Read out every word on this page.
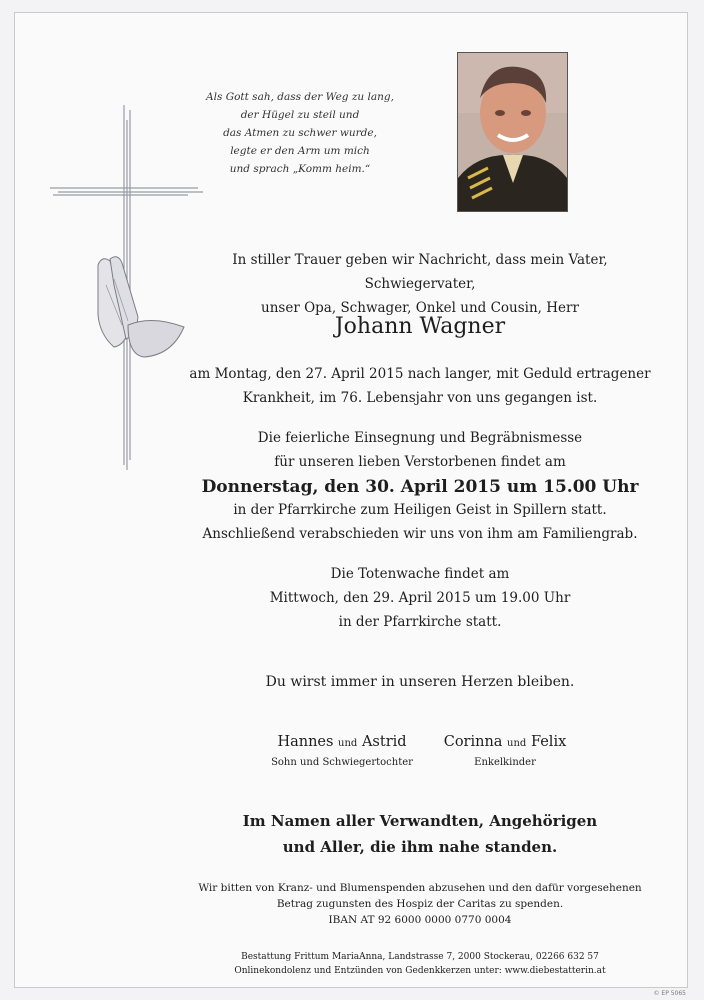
Als Gott sah, dass der Weg zu lang,
der Hügel zu steil und
das Atmen zu schwer wurde,
legte er den Arm um mich
und sprach „Komm heim.“
In stiller Trauer geben wir Nachricht, dass mein Vater, Schwiegervater,
unser Opa, Schwager, Onkel und Cousin, Herr
Johann Wagner
am Montag, den 27. April 2015 nach langer, mit Geduld ertragener
Krankheit, im 76. Lebensjahr von uns gegangen ist.
Die feierliche Einsegnung und Begräbnismesse
für unseren lieben Verstorbenen findet am
Donnerstag, den 30. April 2015 um 15.00 Uhr
in der Pfarrkirche zum Heiligen Geist in Spillern statt.
Anschließend verabschieden wir uns von ihm am Familiengrab.
Die Totenwache findet am
Mittwoch, den 29. April 2015 um 19.00 Uhr
in der Pfarrkirche statt.
Du wirst immer in unseren Herzen bleiben.
Hannes und Astrid
Sohn und Schwiegertochter
Corinna und Felix
Enkelkinder
Im Namen aller Verwandten, Angehörigen
und Aller, die ihm nahe standen.
Wir bitten von Kranz- und Blumenspenden abzusehen und den dafür vorgesehenen
Betrag zugunsten des Hospiz der Caritas zu spenden.
IBAN AT 92 6000 0000 0770 0004
Bestattung Frittum MariaAnna, Landstrasse 7, 2000 Stockerau, 02266 632 57
Onlinekondolenz und Entzünden von Gedenkkerzen unter: www.diebestatterin.at
© EP 5065
